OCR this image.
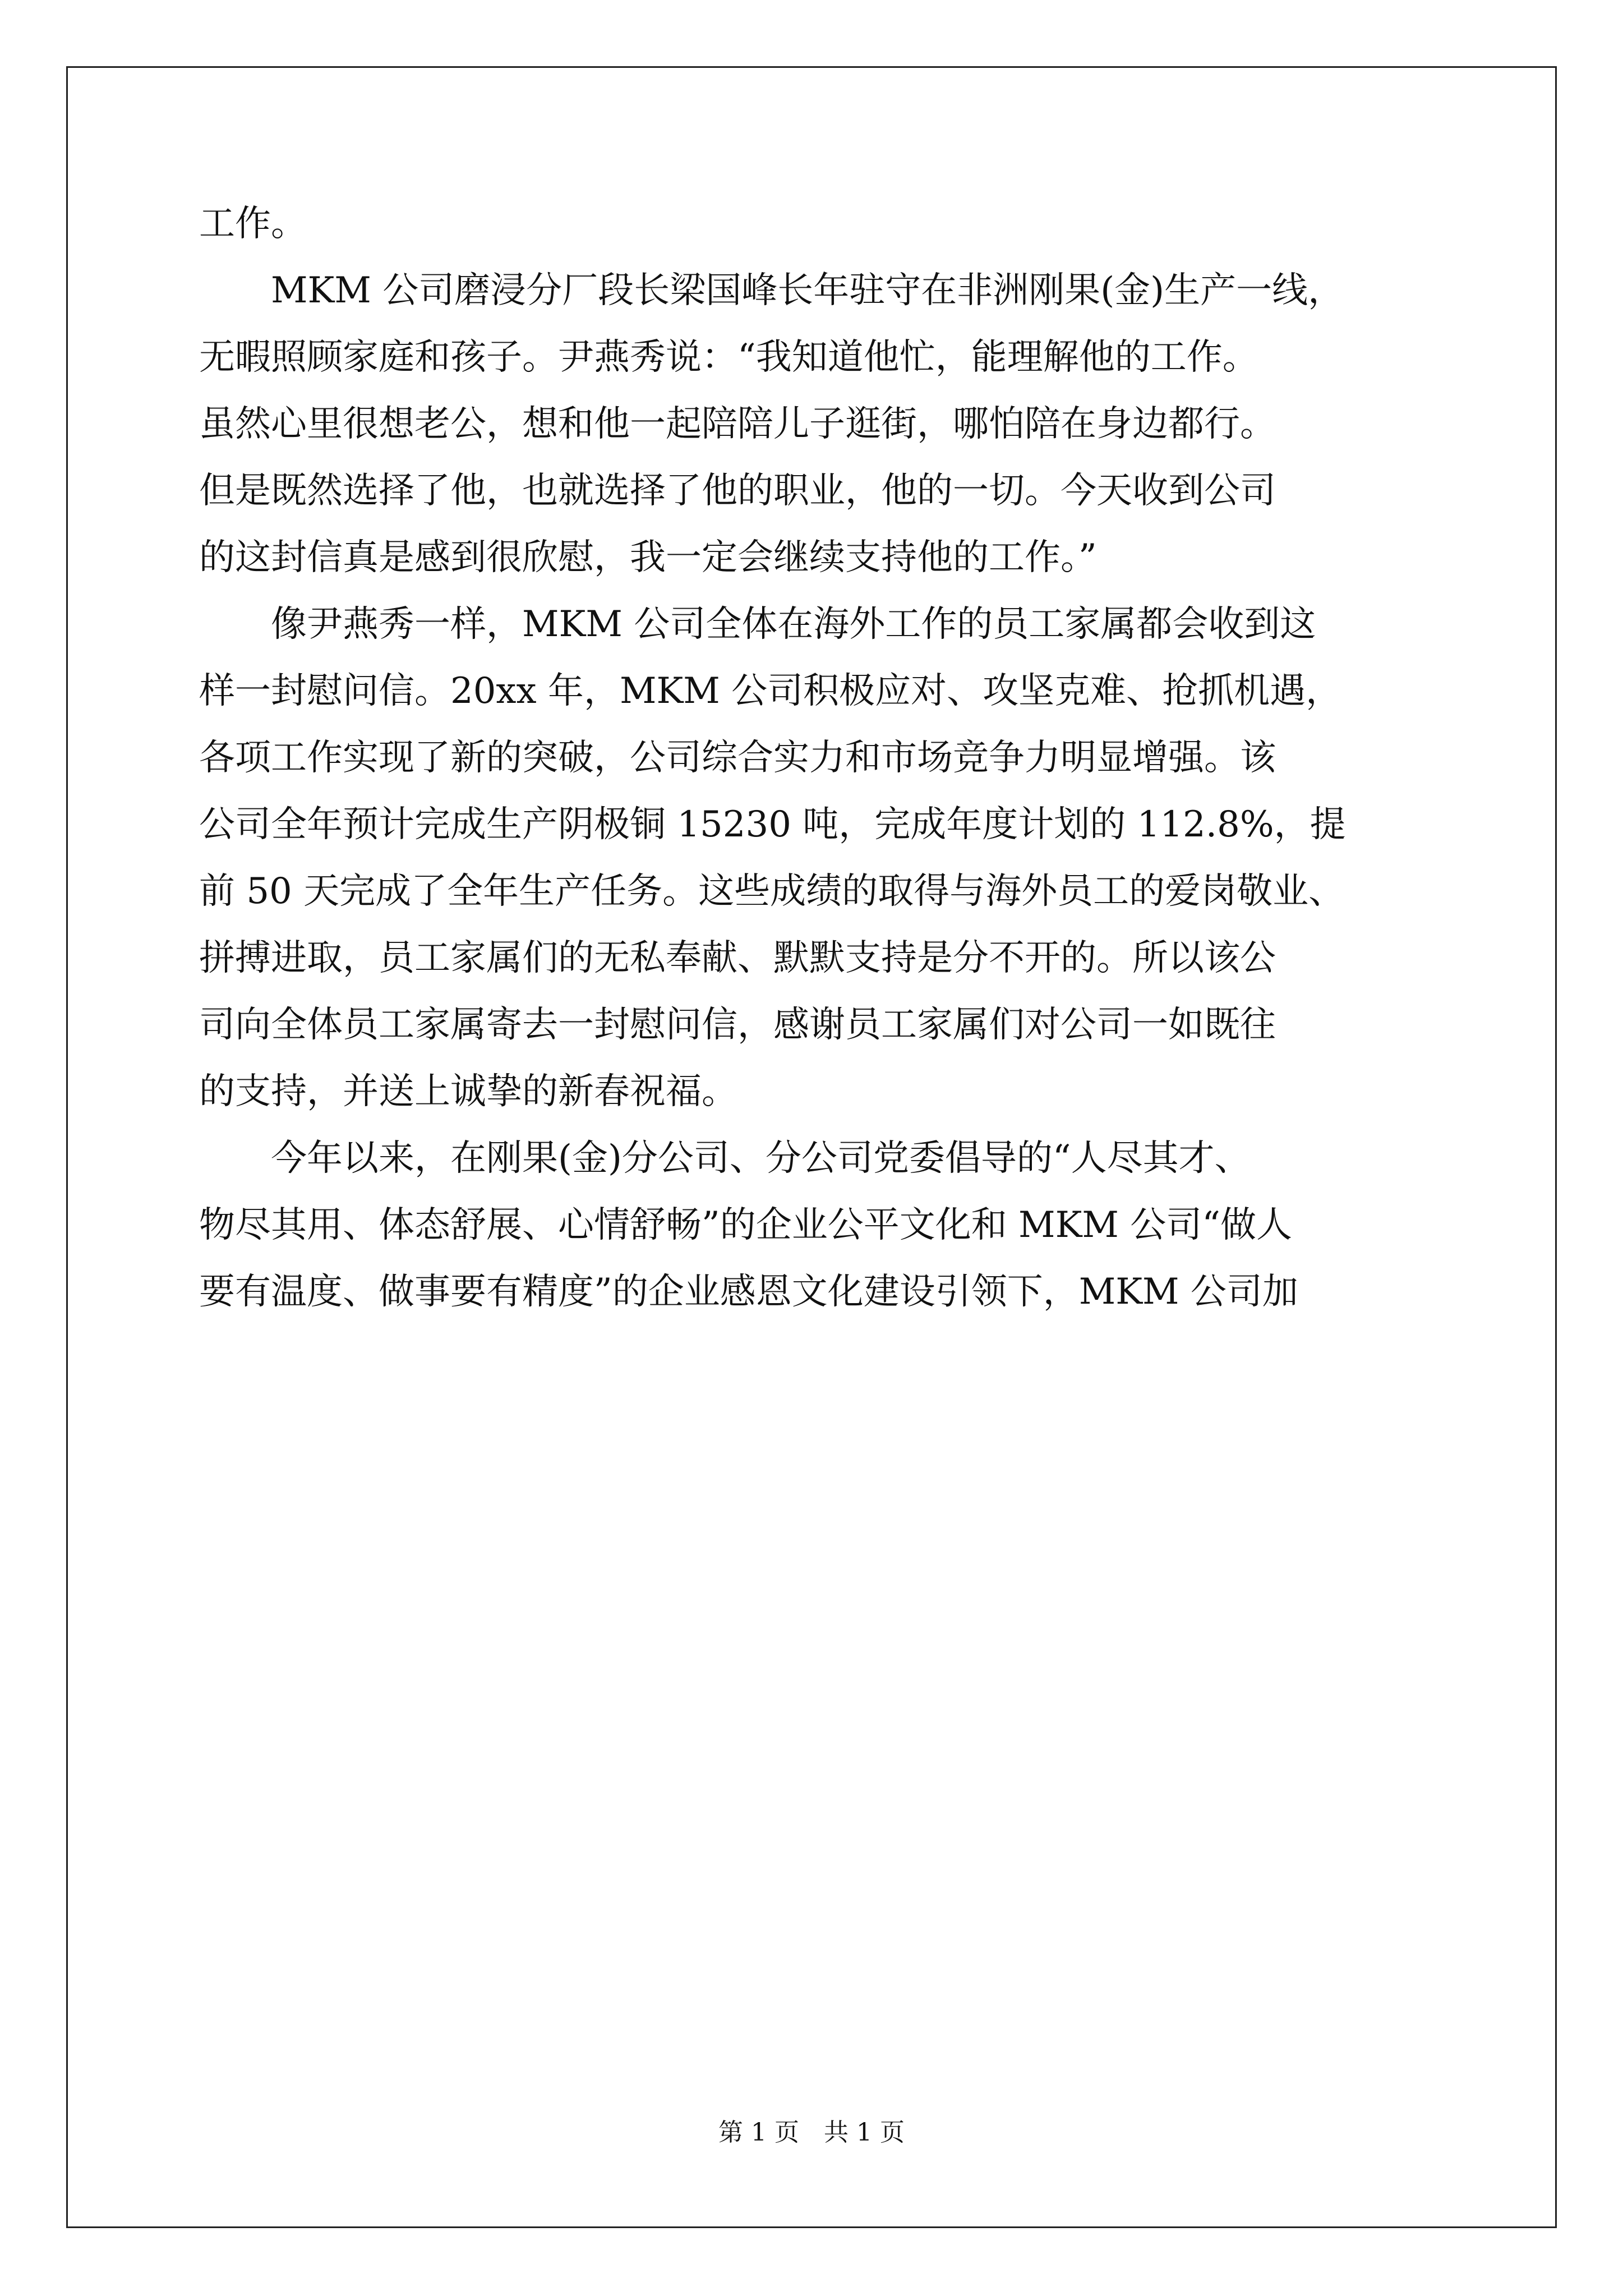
工作。
　　MKM 公司磨浸分厂段长梁国峰长年驻守在非洲刚果(金)生产一线，
无暇照顾家庭和孩子。尹燕秀说：“我知道他忙，能理解他的工作。
虽然心里很想老公，想和他一起陪陪儿子逛街，哪怕陪在身边都行。
但是既然选择了他，也就选择了他的职业，他的一切。今天收到公司
的这封信真是感到很欣慰，我一定会继续支持他的工作。”
　　像尹燕秀一样，MKM 公司全体在海外工作的员工家属都会收到这
样一封慰问信。20xx 年，MKM 公司积极应对、攻坚克难、抢抓机遇，
各项工作实现了新的突破，公司综合实力和市场竞争力明显增强。该
公司全年预计完成生产阴极铜 15230 吨，完成年度计划的 112.8%，提
前 50 天完成了全年生产任务。这些成绩的取得与海外员工的爱岗敬业、
拼搏进取，员工家属们的无私奉献、默默支持是分不开的。所以该公
司向全体员工家属寄去一封慰问信，感谢员工家属们对公司一如既往
的支持，并送上诚挚的新春祝福。
　　今年以来，在刚果(金)分公司、分公司党委倡导的“人尽其才、
物尽其用、体态舒展、心情舒畅”的企业公平文化和 MKM 公司“做人
要有温度、做事要有精度”的企业感恩文化建设引领下，MKM 公司加
第 1 页　共 1 页
